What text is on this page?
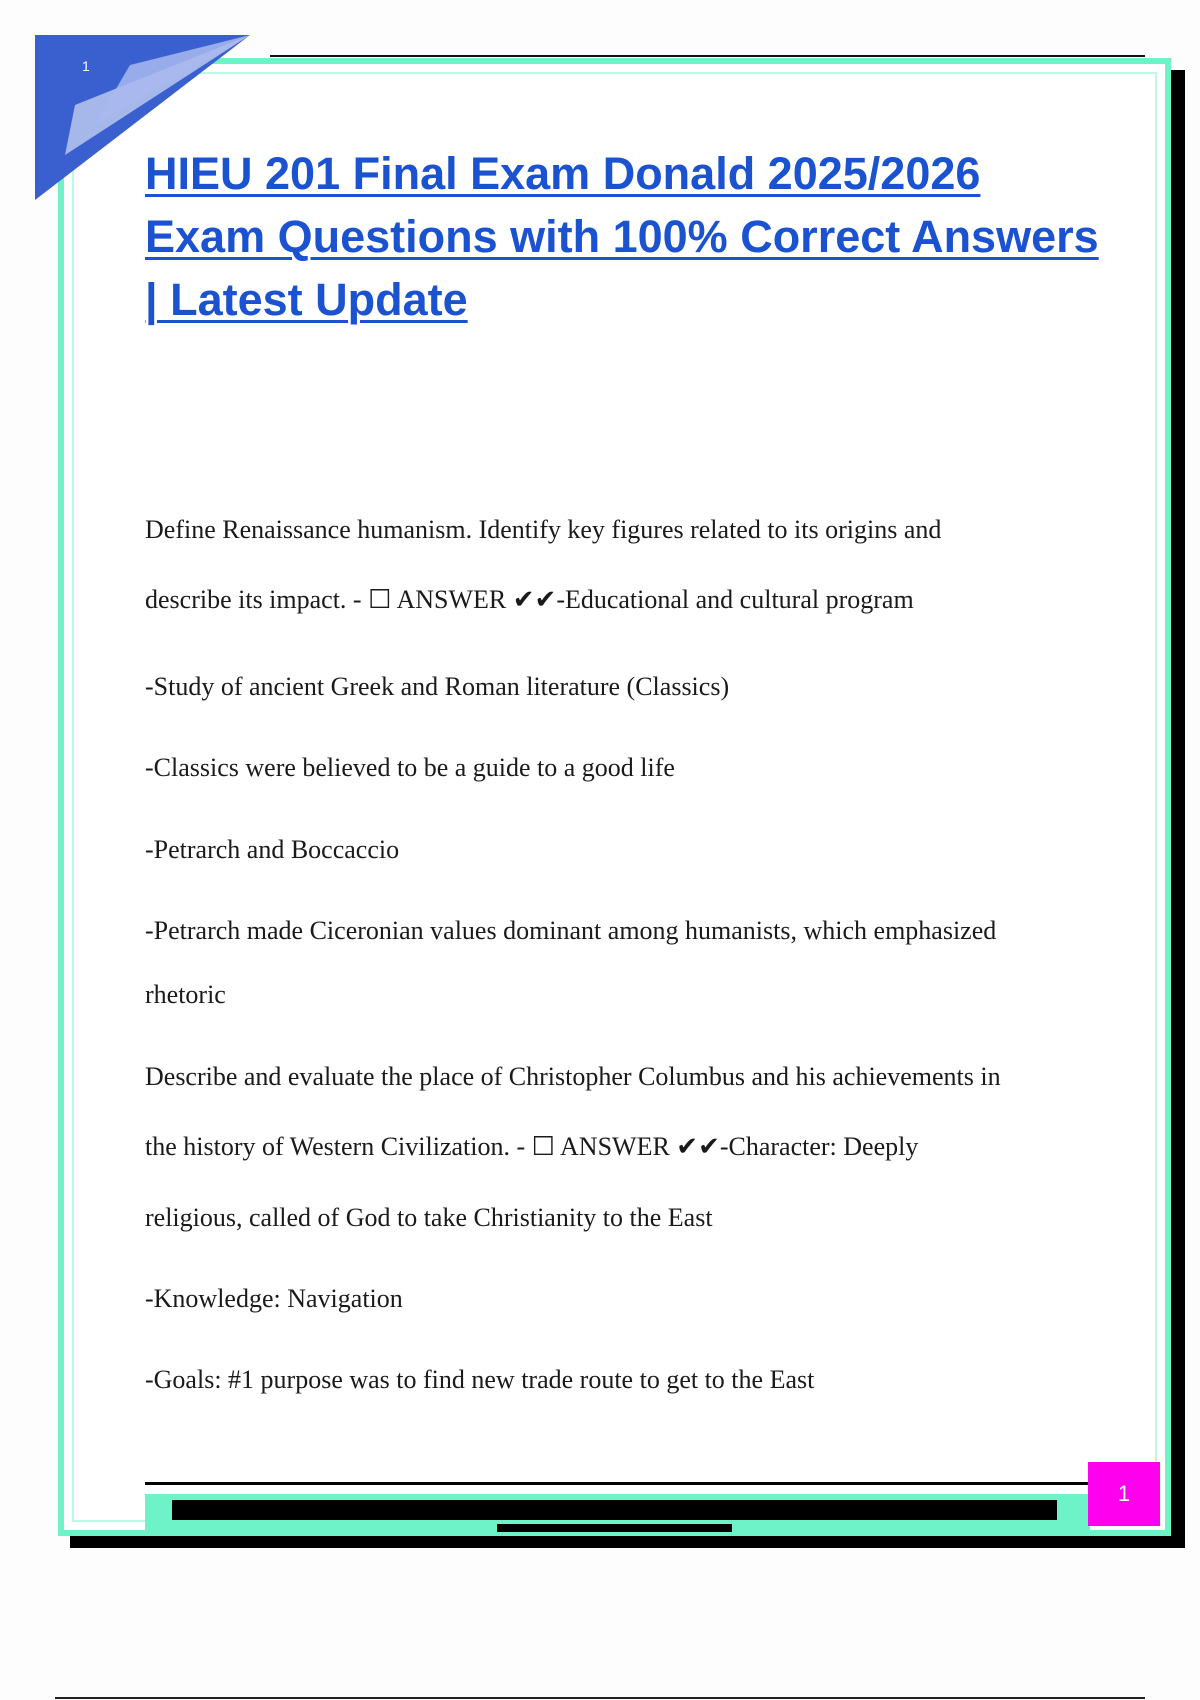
1
HIEU 201 Final Exam Donald 2025/2026 Exam Questions with 100% Correct Answers | Latest Update
Define Renaissance humanism. Identify key figures related to its origins and
describe its impact. - ☐ ANSWER ✔✔-Educational and cultural program
-Study of ancient Greek and Roman literature (Classics)
-Classics were believed to be a guide to a good life
-Petrarch and Boccaccio
-Petrarch made Ciceronian values dominant among humanists, which emphasized
rhetoric
Describe and evaluate the place of Christopher Columbus and his achievements in
the history of Western Civilization. - ☐ ANSWER ✔✔-Character: Deeply
religious, called of God to take Christianity to the East
-Knowledge: Navigation
-Goals: #1 purpose was to find new trade route to get to the East
1
